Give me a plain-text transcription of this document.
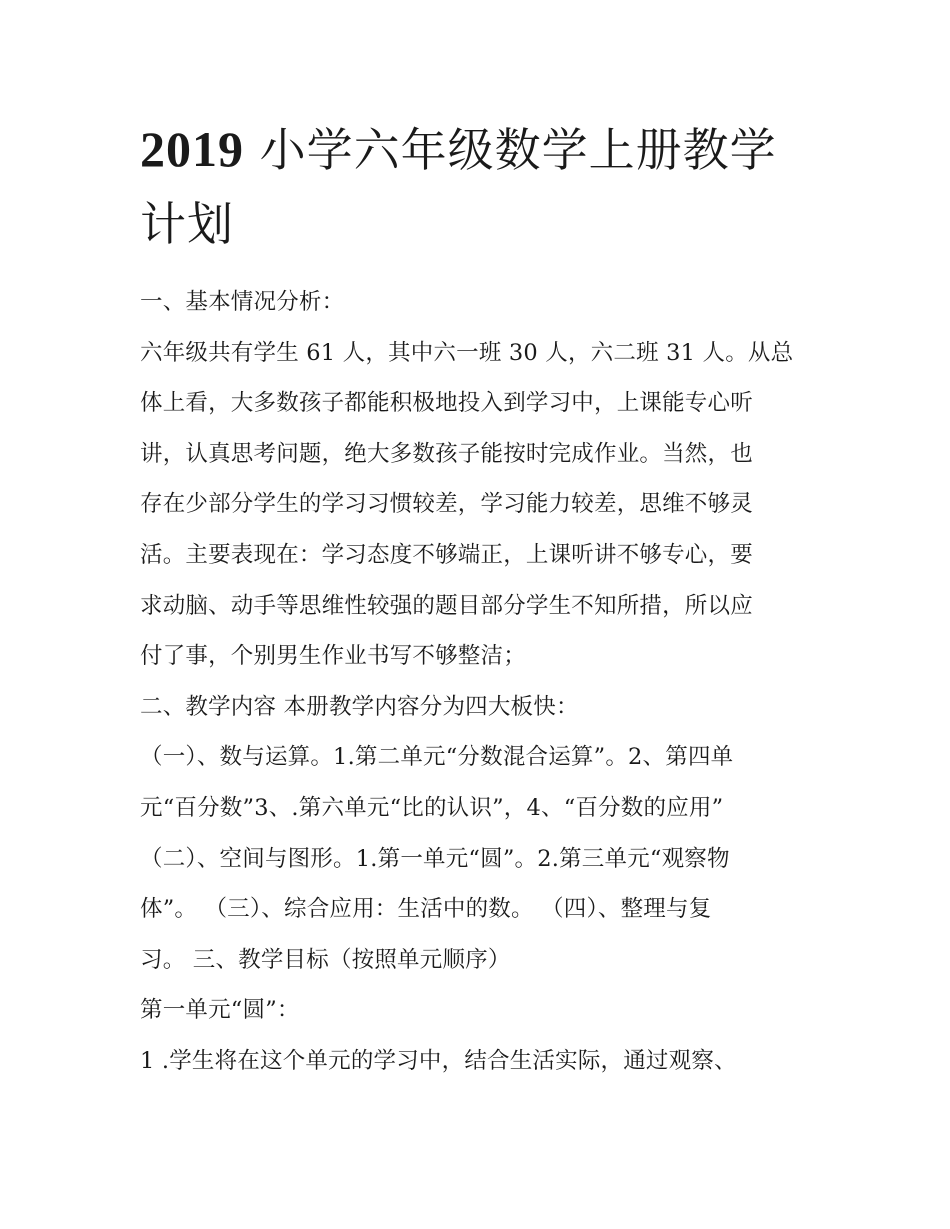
2019 小学六年级数学上册教学
计划

一、基本情况分析：

六年级共有学生 61 人，其中六一班 30 人，六二班 31 人。从总

体上看，大多数孩子都能积极地投入到学习中，上课能专心听

讲，认真思考问题，绝大多数孩子能按时完成作业。当然，也

存在少部分学生的学习习惯较差，学习能力较差，思维不够灵

活。主要表现在：学习态度不够端正，上课听讲不够专心，要

求动脑、动手等思维性较强的题目部分学生不知所措，所以应

付了事，个别男生作业书写不够整洁；

二、教学内容 本册教学内容分为四大板快：

（一）、数与运算。1.第二单元“分数混合运算”。2、第四单

元“百分数”3、.第六单元“比的认识”，4、“百分数的应用”

（二）、空间与图形。1.第一单元“圆”。2.第三单元“观察物

体”。 （三）、综合应用：生活中的数。 （四）、整理与复

习。 三、教学目标（按照单元顺序）

第一单元“圆”：

1 .学生将在这个单元的学习中，结合生活实际，通过观察、
